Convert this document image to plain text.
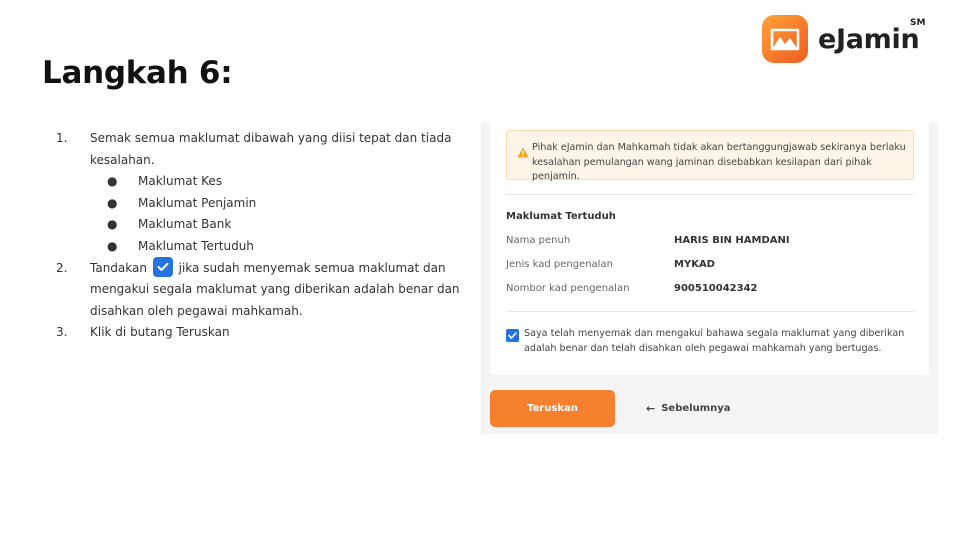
eJamin
SM
Langkah 6:
1. Semak semua maklumat dibawah yang diisi tepat dan tiada kesalahan.
● Maklumat Kes
● Maklumat Penjamin
● Maklumat Bank
● Maklumat Tertuduh
2. Tandakan	jika sudah menyemak semua maklumat dan mengakui segala maklumat yang diberikan adalah benar dan disahkan oleh pegawai mahkamah.
3. Klik di butang Teruskan
Pihak eJamin dan Mahkamah tidak akan bertanggungjawab sekiranya berlaku kesalahan pemulangan wang jaminan disebabkan kesilapan dari pihak penjamin.
Maklumat Tertuduh
Nama penuh	HARIS BIN HAMDANI
Jenis kad pengenalan	MYKAD
Nombor kad pengenalan	900510042342
Saya telah menyemak dan mengakui bahawa segala maklumat yang diberikan adalah benar dan telah disahkan oleh pegawai mahkamah yang bertugas.
Teruskan	← Sebelumnya
